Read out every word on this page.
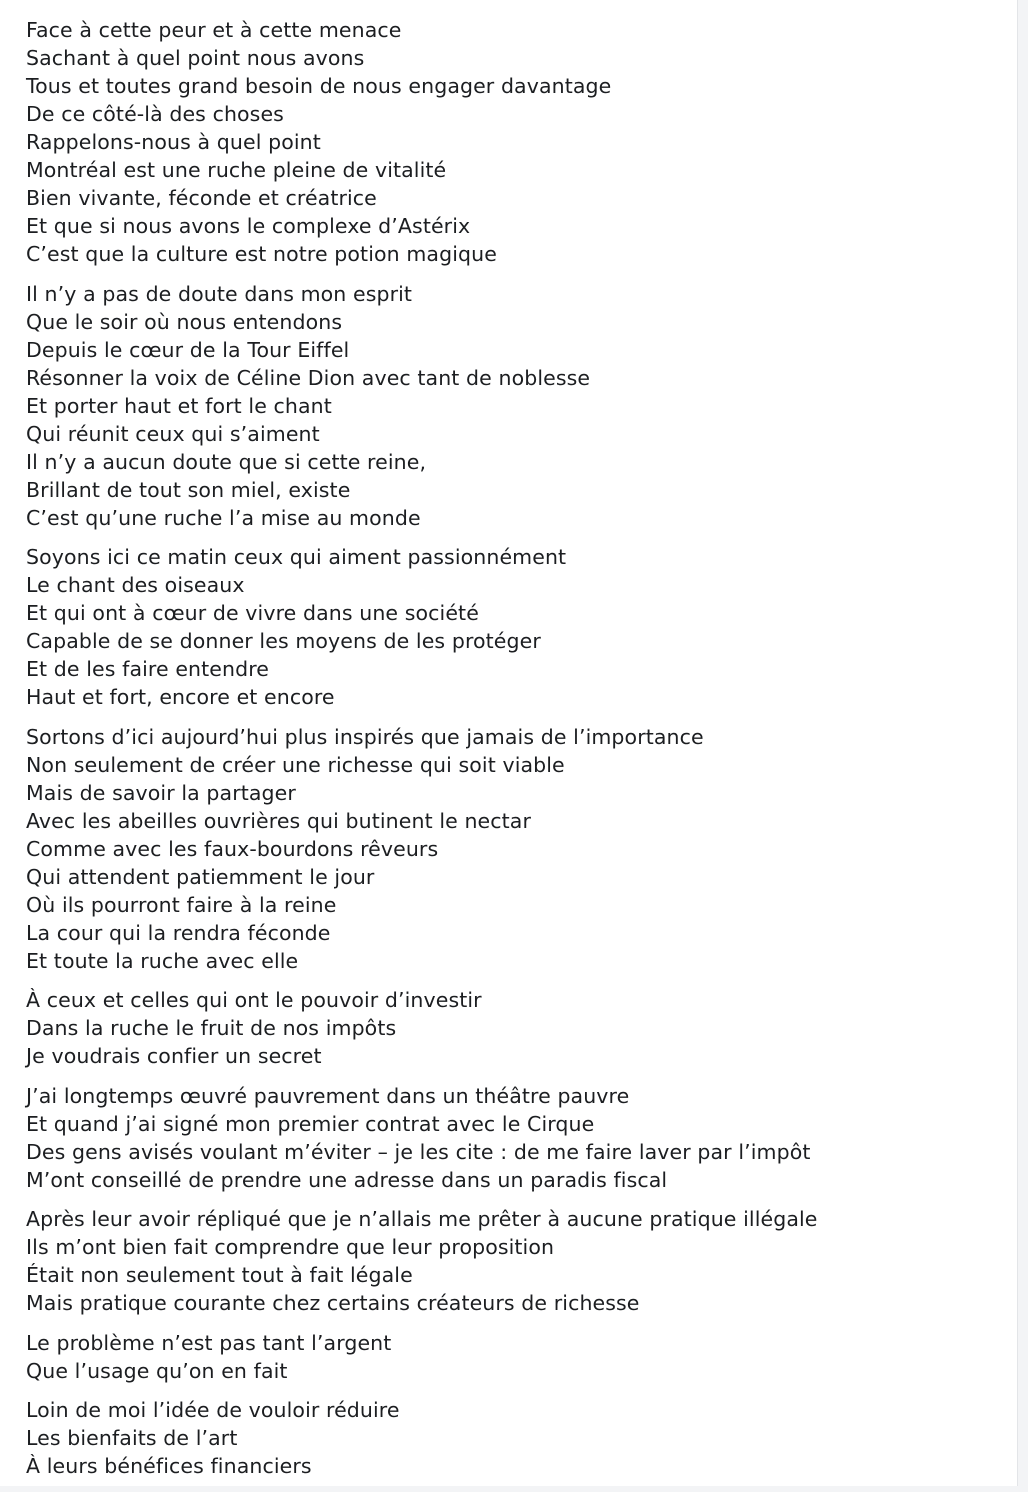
Face à cette peur et à cette menace
Sachant à quel point nous avons
Tous et toutes grand besoin de nous engager davantage
De ce côté-là des choses
Rappelons-nous à quel point
Montréal est une ruche pleine de vitalité
Bien vivante, féconde et créatrice
Et que si nous avons le complexe d’Astérix
C’est que la culture est notre potion magique
Il n’y a pas de doute dans mon esprit
Que le soir où nous entendons
Depuis le cœur de la Tour Eiffel
Résonner la voix de Céline Dion avec tant de noblesse
Et porter haut et fort le chant
Qui réunit ceux qui s’aiment
Il n’y a aucun doute que si cette reine,
Brillant de tout son miel, existe
C’est qu’une ruche l’a mise au monde
Soyons ici ce matin ceux qui aiment passionnément
Le chant des oiseaux
Et qui ont à cœur de vivre dans une société
Capable de se donner les moyens de les protéger
Et de les faire entendre
Haut et fort, encore et encore
Sortons d’ici aujourd’hui plus inspirés que jamais de l’importance
Non seulement de créer une richesse qui soit viable
Mais de savoir la partager
Avec les abeilles ouvrières qui butinent le nectar
Comme avec les faux-bourdons rêveurs
Qui attendent patiemment le jour
Où ils pourront faire à la reine
La cour qui la rendra féconde
Et toute la ruche avec elle
À ceux et celles qui ont le pouvoir d’investir
Dans la ruche le fruit de nos impôts
Je voudrais confier un secret
J’ai longtemps œuvré pauvrement dans un théâtre pauvre
Et quand j’ai signé mon premier contrat avec le Cirque
Des gens avisés voulant m’éviter – je les cite : de me faire laver par l’impôt
M’ont conseillé de prendre une adresse dans un paradis fiscal
Après leur avoir répliqué que je n’allais me prêter à aucune pratique illégale
Ils m’ont bien fait comprendre que leur proposition
Était non seulement tout à fait légale
Mais pratique courante chez certains créateurs de richesse
Le problème n’est pas tant l’argent
Que l’usage qu’on en fait
Loin de moi l’idée de vouloir réduire
Les bienfaits de l’art
À leurs bénéfices financiers
